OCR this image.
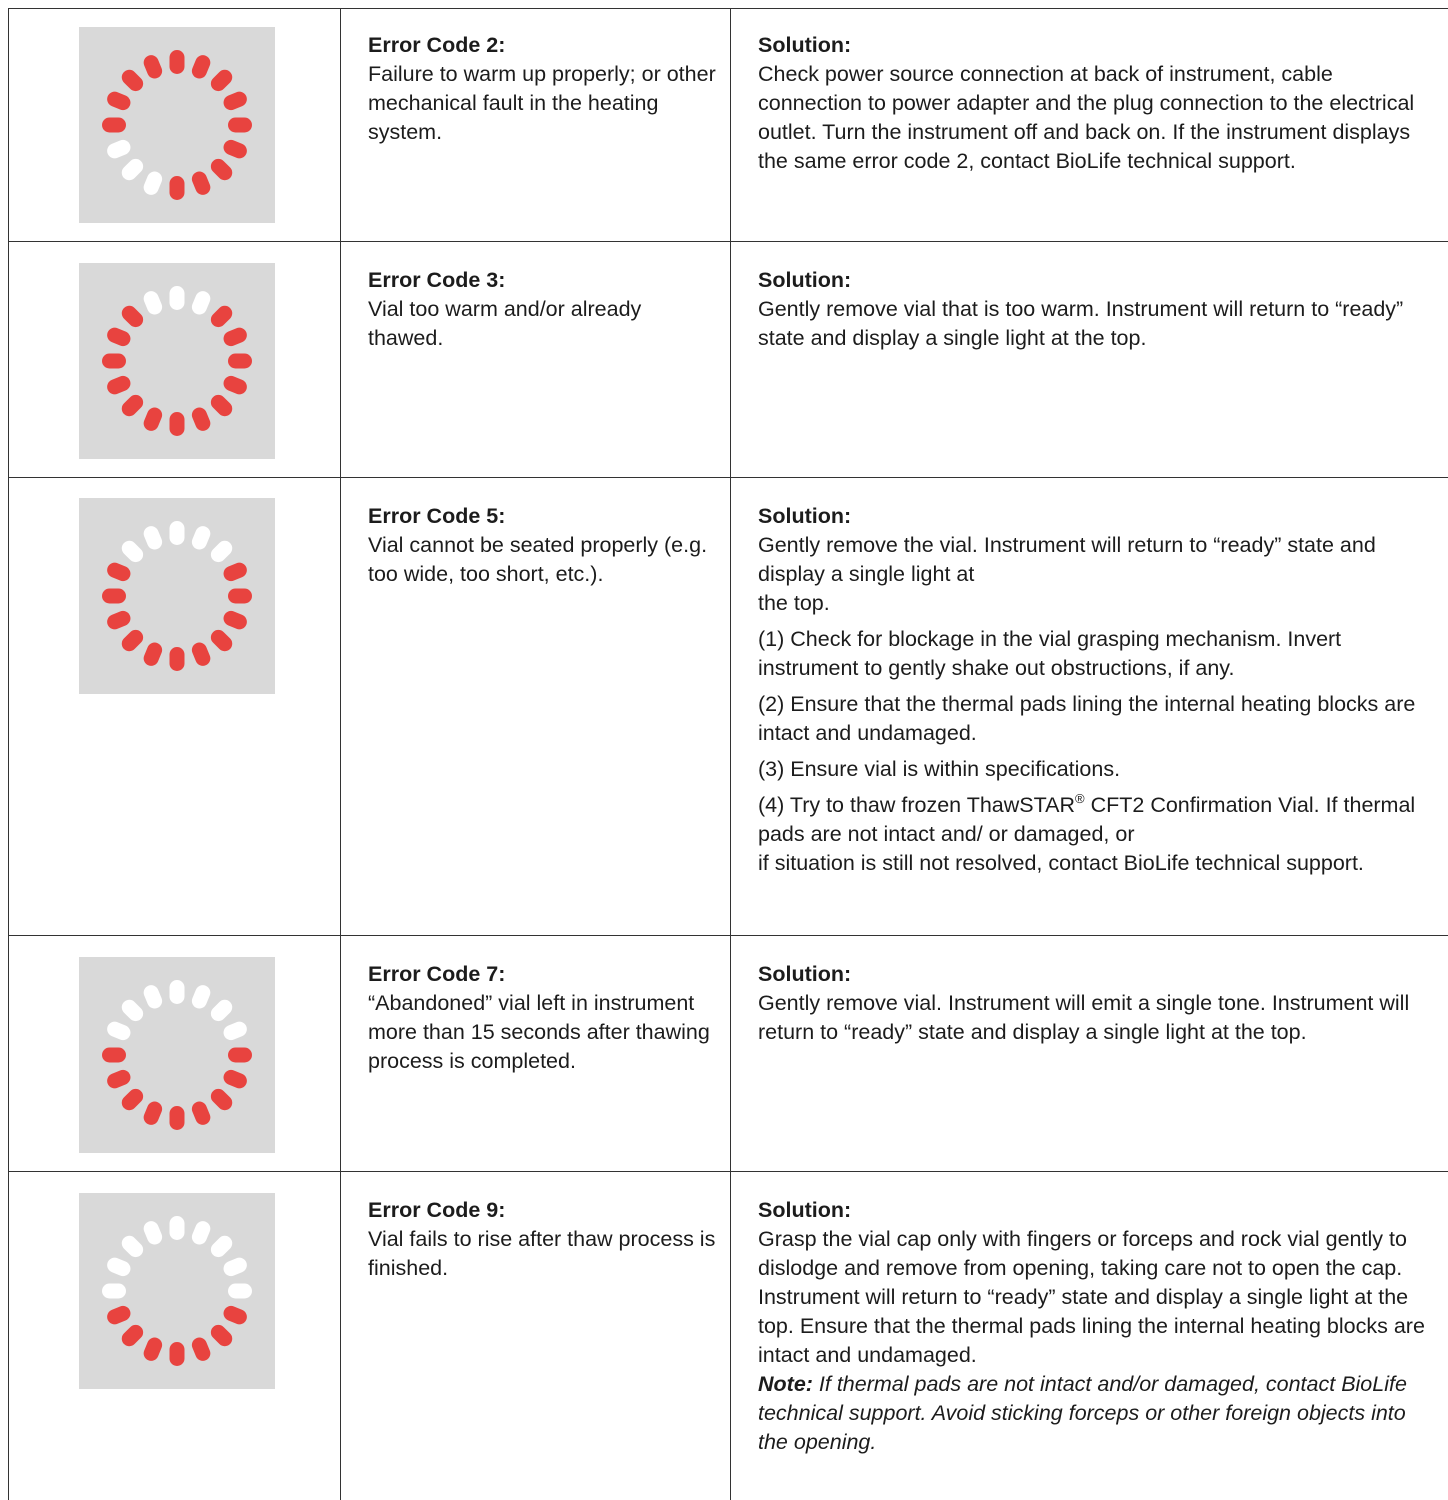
Error Code 2:
Failure to warm up properly; or other mechanical fault in the heating system.
Solution:
Check power source connection at back of instrument, cable connection to power adapter and the plug connection to the electrical outlet. Turn the instrument off and back on. If the instrument displays the same error code 2, contact BioLife technical support.
Error Code 3:
Vial too warm and/or already thawed.
Solution:
Gently remove vial that is too warm. Instrument will return to “ready” state and display a single light at the top.
Error Code 5:
Vial cannot be seated properly (e.g. too wide, too short, etc.).
Solution:
Gently remove the vial. Instrument will return to “ready” state and display a single light at
the top.
(1) Check for blockage in the vial grasping mechanism. Invert instrument to gently shake out obstructions, if any.
(2) Ensure that the thermal pads lining the internal heating blocks are intact and undamaged.
(3) Ensure vial is within specifications.
(4) Try to thaw frozen ThawSTAR® CFT2 Confirmation Vial. If thermal pads are not intact and/ or damaged, or
if situation is still not resolved, contact BioLife technical support.
Error Code 7:
“Abandoned” vial left in instrument more than 15 seconds after thawing process is completed.
Solution:
Gently remove vial. Instrument will emit a single tone. Instrument will return to “ready” state and display a single light at the top.
Error Code 9:
Vial fails to rise after thaw process is finished.
Solution:
Grasp the vial cap only with fingers or forceps and rock vial gently to dislodge and remove from opening, taking care not to open the cap. Instrument will return to “ready” state and display a single light at the top. Ensure that the thermal pads lining the internal heating blocks are intact and undamaged.
Note: If thermal pads are not intact and/or damaged, contact BioLife technical support. Avoid sticking forceps or other foreign objects into the opening.
